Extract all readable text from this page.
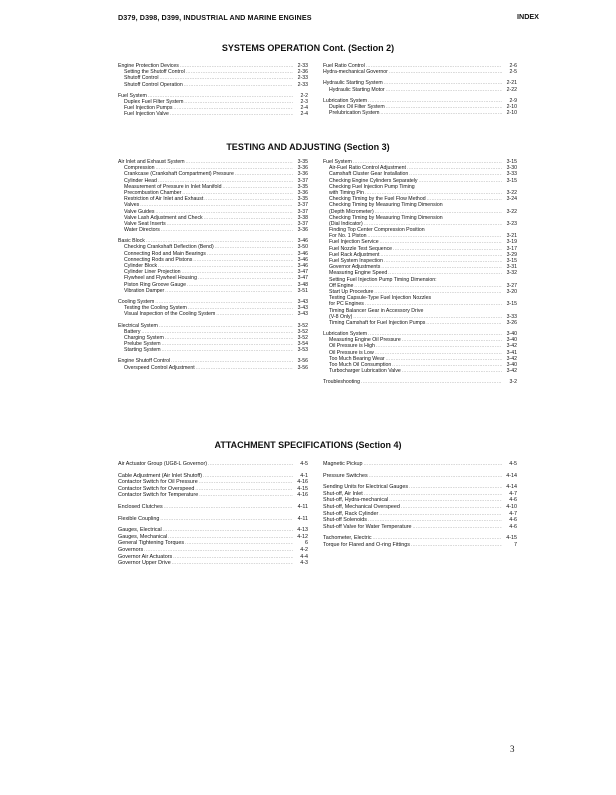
D379, D398, D399, INDUSTRIAL AND MARINE ENGINES	INDEX
SYSTEMS OPERATION Cont. (Section 2)
Engine Protection Devices .....	2-33
Setting the Shutoff Control .....	2-36
Shutoff Control .....	2-33
Shutoff Control Operation .....	2-33
Fuel System .....	2-2
Duplex Fuel Filter System .....	2-3
Fuel Injection Pumps .....	2-4
Fuel Injection Valve .....	2-4
Fuel Ratio Control .....	2-6
Hydra-mechanical Governor .....	2-5
Hydraulic Starting System .....	2-21
Hydraulic Starting Motor .....	2-22
Lubrication System .....	2-9
Duplex Oil Filter System .....	2-10
Prelubrication System .....	2-10
TESTING AND ADJUSTING (Section 3)
Air Inlet and Exhaust System .....	3-35
Compression .....	3-36
Crankcase (Crankshaft Compartment) Pressure .....	3-36
Cylinder Head .....	3-37
Measurement of Pressure in Inlet Manifold .....	3-35
Precombustion Chamber .....	3-36
Restriction of Air Inlet and Exhaust .....	3-35
Valves .....	3-37
Valve Guides .....	3-37
Valve Lash Adjustment and Check .....	3-38
Valve Seat Inserts .....	3-37
Water Directors .....	3-36
Basic Block .....	3-46
Checking Crankshaft Deflection (Bend) .....	3-50
Connecting Rod and Main Bearings .....	3-46
Connecting Rods and Pistons .....	3-46
Cylinder Block .....	3-46
Cylinder Liner Projection .....	3-47
Flywheel and Flywheel Housing .....	3-47
Piston Ring Groove Gauge .....	3-48
Vibration Damper .....	3-51
Cooling System .....	3-43
Testing the Cooling System .....	3-43
Visual Inspection of the Cooling System .....	3-43
Electrical System .....	3-52
Battery .....	3-52
Charging System .....	3-52
Prelube System .....	3-54
Starting System .....	3-53
Engine Shutoff Control .....	3-56
Overspeed Control Adjustment .....	3-56
Fuel System .....	3-15
Air-Fuel Ratio Control Adjustment .....	3-30
Camshaft Cluster Gear Installation .....	3-33
Checking Engine Cylinders Separately .....	3-15
Checking Fuel Injection Pump Timing
with Timing Pin .....	3-22
Checking Timing by the Fuel Flow Method .....	3-24
Checking Timing by Measuring Timing Dimension
(Depth Micrometer) .....	3-22
Checking Timing by Measuring Timing Dimension
(Dial Indicator) .....	3-23
Finding Top Center Compression Position
For No. 1 Piston .....	3-21
Fuel Injection Service .....	3-19
Fuel Nozzle Test Sequence .....	3-17
Fuel Rack Adjustment .....	3-29
Fuel System Inspection .....	3-15
Governor Adjustments .....	3-31
Measuring Engine Speed .....	3-32
Setting Fuel Injection Pump Timing Dimension:
Off Engine .....	3-27
Start Up Procedure .....	3-20
Testing Capsule-Type Fuel Injection Nozzles
for PC Engines .....	3-15
Timing Balancer Gear in Accessory Drive
(V-8 Only) .....	3-33
Timing Camshaft for Fuel Injection Pumps .....	3-26
Lubrication System .....	3-40
Measuring Engine Oil Pressure .....	3-40
Oil Pressure is High .....	3-42
Oil Pressure is Low .....	3-41
Too Much Bearing Wear .....	3-42
Too Much Oil Consumption .....	3-40
Turbocharger Lubrication Valve .....	3-42
Troubleshooting .....	3-2
ATTACHMENT SPECIFICATIONS (Section 4)
Air Actuator Group (UG8-L Governor) .....	4-5
Cable Adjustment (Air Inlet Shutoff) .....	4-1
Contactor Switch for Oil Pressure .....	4-16
Contactor Switch for Overspeed .....	4-15
Contactor Switch for Temperature .....	4-16
Enclosed Clutches .....	4-11
Flexible Coupling .....	4-11
Gauges, Electrical .....	4-13
Gauges, Mechanical .....	4-12
General Tightening Torques .....	6
Governors .....	4-2
Governor Air Actuators .....	4-4
Governor Upper Drive .....	4-3
Magnetic Pickup .....	4-5
Pressure Switches .....	4-14
Sending Units for Electrical Gauges .....	4-14
Shut-off, Air Inlet .....	4-7
Shut-off, Hydra-mechanical .....	4-6
Shut-off, Mechanical Overspeed .....	4-10
Shut-off, Rack Cylinder .....	4-7
Shut-off Solenoids .....	4-6
Shut-off Valve for Water Temperature .....	4-6
Tachometer, Electric .....	4-15
Torque for Flared and O-ring Fittings .....	7
3
